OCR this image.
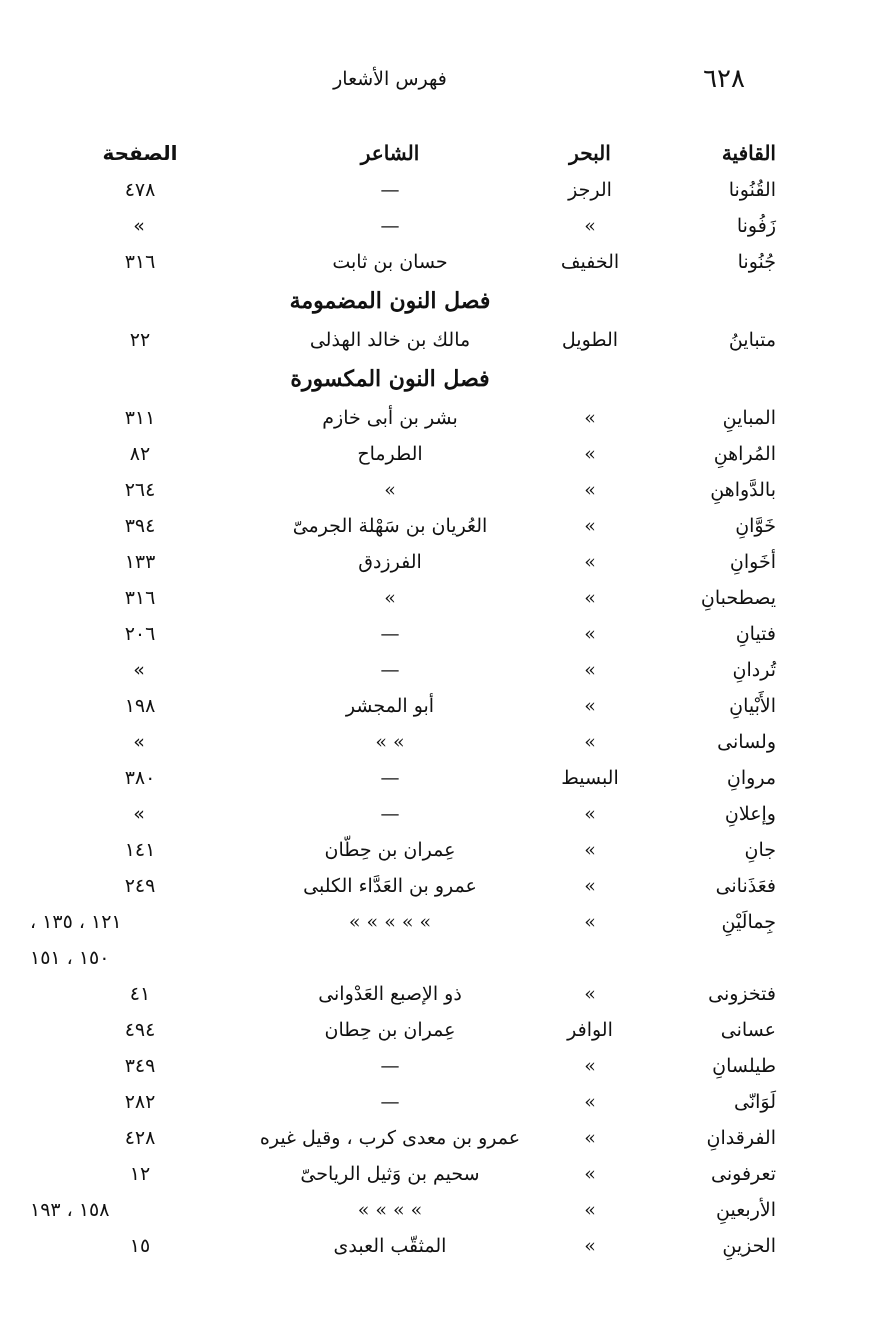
٦٢٨
فهرس الأشعار
القافية
البحر
الشاعر
الصفحة
القُنُونا
الرجز
—
٤٧٨
زَفُونا
»
—
»
جُنُونا
الخفيف
حسان بن ثابت
٣١٦
فصل النون المضمومة
متباينُ
الطويل
مالك بن خالد الهذلى
٢٢
فصل النون المكسورة
المباينِ
»
بشر بن أبى خازم
٣١١
المُراهنِ
»
الطرماح
٨٢
بالدَّواهنِ
»
»
٢٦٤
خَوَّانِ
»
العُريان بن سَهْلة الجرمىّ
٣٩٤
أخَوانِ
»
الفرزدق
١٣٣
يصطحبانِ
»
»
٣١٦
فتيانِ
»
—
٢٠٦
تُردانِ
»
—
»
الأَبْيانِ
»
أبو المجشر
١٩٨
ولسانى
»
» »
»
مروانِ
البسيط
—
٣٨٠
وإعلانِ
»
—
»
جانِ
»
عِمران بن حِطّان
١٤١
فعَذَنانى
»
عمرو بن العَدَّاء الكلبى
٢٤٩
جِمالَيْنِ
»
» » » » »
١٢١ ، ١٣٥ ،
١٥٠ ، ١٥١
فتخزونى
»
ذو الإصبع العَدْوانى
٤١
عسانى
الوافر
عِمران بن حِطان
٤٩٤
طيلسانِ
»
—
٣٤٩
لَوَانّى
»
—
٢٨٢
الفرقدانِ
»
عمرو بن معدى كرب ، وقيل غيره
٤٢٨
تعرفونى
»
سحيم بن وَثيل الرياحىّ
١٢
الأربعينِ
»
» » » »
١٥٨ ، ١٩٣
الحزينِ
»
المثقّب العبدى
١٥
